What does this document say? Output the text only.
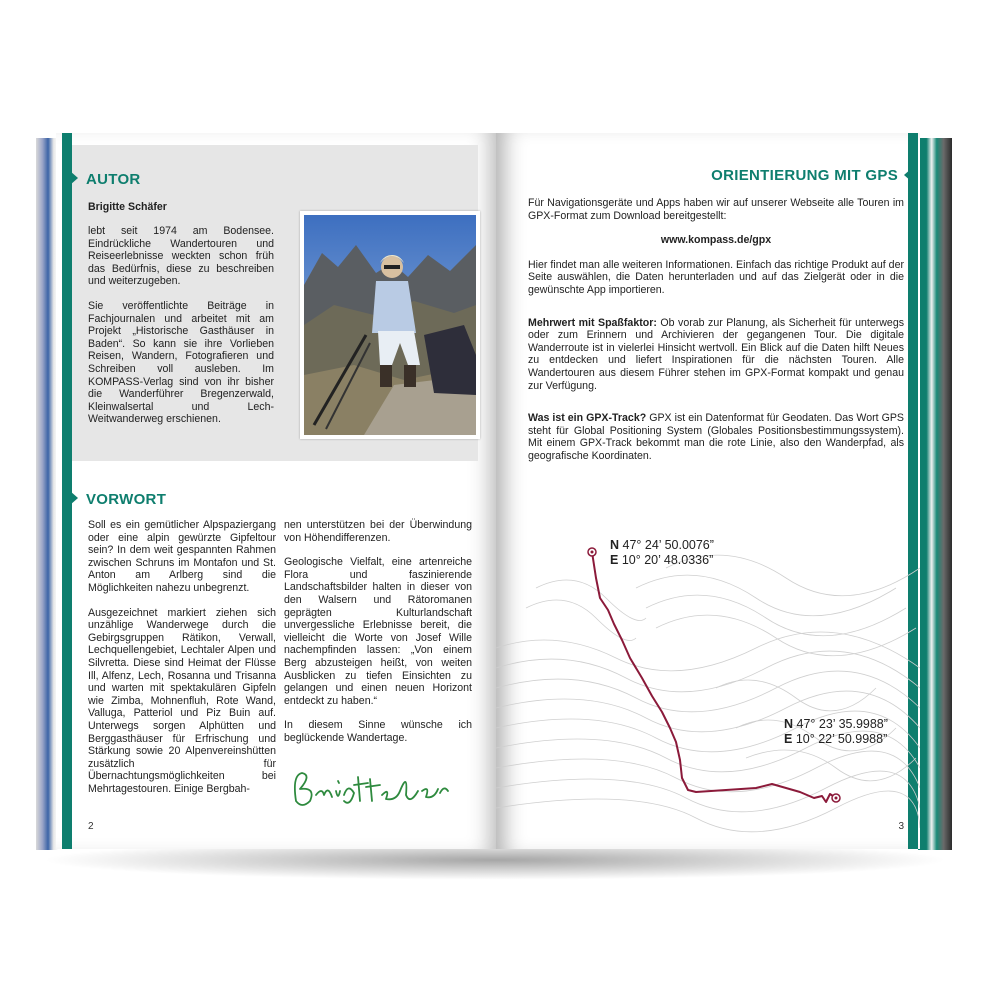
AUTOR
Brigitte Schäfer

lebt seit 1974 am Bodensee. Eindrückliche Wandertouren und Reiseerlebnisse weckten schon früh das Bedürfnis, diese zu beschreiben und weiterzugeben.

Sie veröffentlichte Beiträge in Fachjournalen und arbeitet mit am Projekt „Historische Gasthäuser in Baden“. So kann sie ihre Vorlieben Reisen, Wandern, Fotografieren und Schreiben voll ausleben. Im KOMPASS-Verlag sind von ihr bisher die Wanderführer Bregenzerwald, Kleinwalsertal und Lech-Weitwanderweg erschienen.

VORWORT

Soll es ein gemütlicher Alpspaziergang oder eine alpin gewürzte Gipfeltour sein? In dem weit gespannten Rahmen zwischen Schruns im Montafon und St. Anton am Arlberg sind die Möglichkeiten nahezu unbegrenzt.

Ausgezeichnet markiert ziehen sich unzählige Wanderwege durch die Gebirgsgruppen Rätikon, Verwall, Lechquellengebiet, Lechtaler Alpen und Silvretta. Diese sind Heimat der Flüsse Ill, Alfenz, Lech, Rosanna und Trisanna und warten mit spektakulären Gipfeln wie Zimba, Mohnenfluh, Rote Wand, Valluga, Patteriol und Piz Buin auf. Unterwegs sorgen Alphütten und Berggasthäuser für Erfrischung und Stärkung sowie 20 Alpenvereinshütten zusätzlich für Übernachtungsmöglichkeiten bei Mehrtagestouren. Einige Bergbah-

nen unterstützen bei der Überwindung von Höhendifferenzen.

Geologische Vielfalt, eine artenreiche Flora und faszinierende Landschaftsbilder halten in dieser von den Walsern und Rätoromanen geprägten Kulturlandschaft unvergessliche Erlebnisse bereit, die vielleicht die Worte von Josef Wille nachempfinden lassen: „Von einem Berg abzusteigen heißt, von weiten Ausblicken zu tiefen Einsichten zu gelangen und einen neuen Horizont entdeckt zu haben.“

In diesem Sinne wünsche ich beglückende Wandertage.

2
ORIENTIERUNG MIT GPS

Für Navigationsgeräte und Apps haben wir auf unserer Webseite alle Touren im GPX-Format zum Download bereitgestellt:

www.kompass.de/gpx

Hier findet man alle weiteren Informationen. Einfach das richtige Produkt auf der Seite auswählen, die Daten herunterladen und auf das Zielgerät oder in die gewünschte App importieren.

Mehrwert mit Spaßfaktor: Ob vorab zur Planung, als Sicherheit für unterwegs oder zum Erinnern und Archivieren der gegangenen Tour. Die digitale Wanderroute ist in vielerlei Hinsicht wertvoll. Ein Blick auf die Daten hilft Neues zu entdecken und liefert Inspirationen für die nächsten Touren. Alle Wandertouren aus diesem Führer stehen im GPX-Format kompakt und genau zur Verfügung.

Was ist ein GPX-Track? GPX ist ein Datenformat für Geodaten. Das Wort GPS steht für Global Positioning System (Globales Positionsbestimmungssystem). Mit einem GPX-Track bekommt man die rote Linie, also den Wanderpfad, als geografische Koordinaten.

N 47° 24’ 50.0076”
E 10° 20’ 48.0336”
N 47° 23’ 35.9988”
E 10° 22’ 50.9988”
3
